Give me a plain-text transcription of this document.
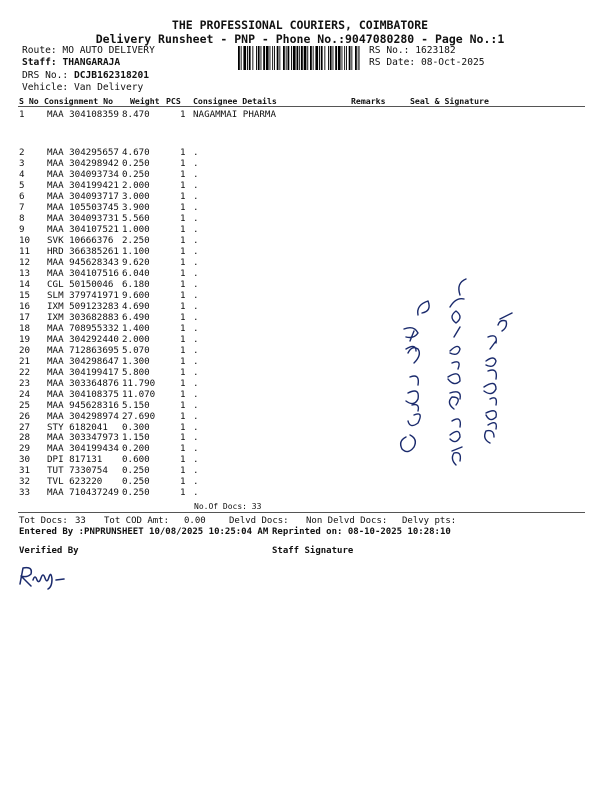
THE PROFESSIONAL COURIERS, COIMBATORE
Delivery Runsheet - PNP - Phone No.:9047080280 - Page No.:1
Route: MO AUTO DELIVERY
Staff: THANGARAJA
DRS No.: DCJB162318201
Vehicle: Van Delivery
RS No.: 1623182
RS Date: 08-Oct-2025
S No Consignment No Weight PCS Consignee Details	Remarks	Seal & Signature
1 MAA 304108359 8.470	1 NAGAMMAI PHARMA
2 MAA 304295657 4.670	1 .
3 MAA 304298942 0.250	1 .
4 MAA 304093734 0.250	1 .
5 MAA 304199421 2.000	1 .
6 MAA 304093717 3.000	1 .
7 MAA 105503745 3.900	1 .
8 MAA 304093731 5.560	1 .
9 MAA 304107521 1.000	1 .
10 SVK 10666376 2.250	1 .
11 HRD 366385261 1.100	1 .
12 MAA 945628343 9.620	1 .
13 MAA 304107516 6.040	1 .
14 CGL 50150046 6.180	1 .
15 SLM 379741971 9.600	1 .
16 IXM 509123283 4.690	1 .
17 IXM 303682883 6.490	1 .
18 MAA 708955332 1.400	1 .
19 MAA 304292440 2.000	1 .
20 MAA 712863695 5.070	1 .
21 MAA 304298647 1.300	1 .
22 MAA 304199417 5.800	1 .
23 MAA 303364876 11.790	1 .
24 MAA 304108375 11.070	1 .
25 MAA 945628316 5.150	1 .
26 MAA 304298974 27.690	1 .
27 STY 6182041 0.300	1 .
28 MAA 303347973 1.150	1 .
29 MAA 304199434 0.200	1 .
30 DPI 817131 0.600	1 .
31 TUT 7330754 0.250	1 .
32 TVL 623220 0.250	1 .
33 MAA 710437249 0.250	1 .
No.Of Docs: 33
Tot Docs: 33 Tot COD Amt: 0.00	Delvd Docs: Non Delvd Docs: Delvy pts:
Entered By :PNPRUNSHEET 10/08/2025 10:25:04 AM Reprinted on: 08-10-2025 10:28:10
Verified By	Staff Signature
